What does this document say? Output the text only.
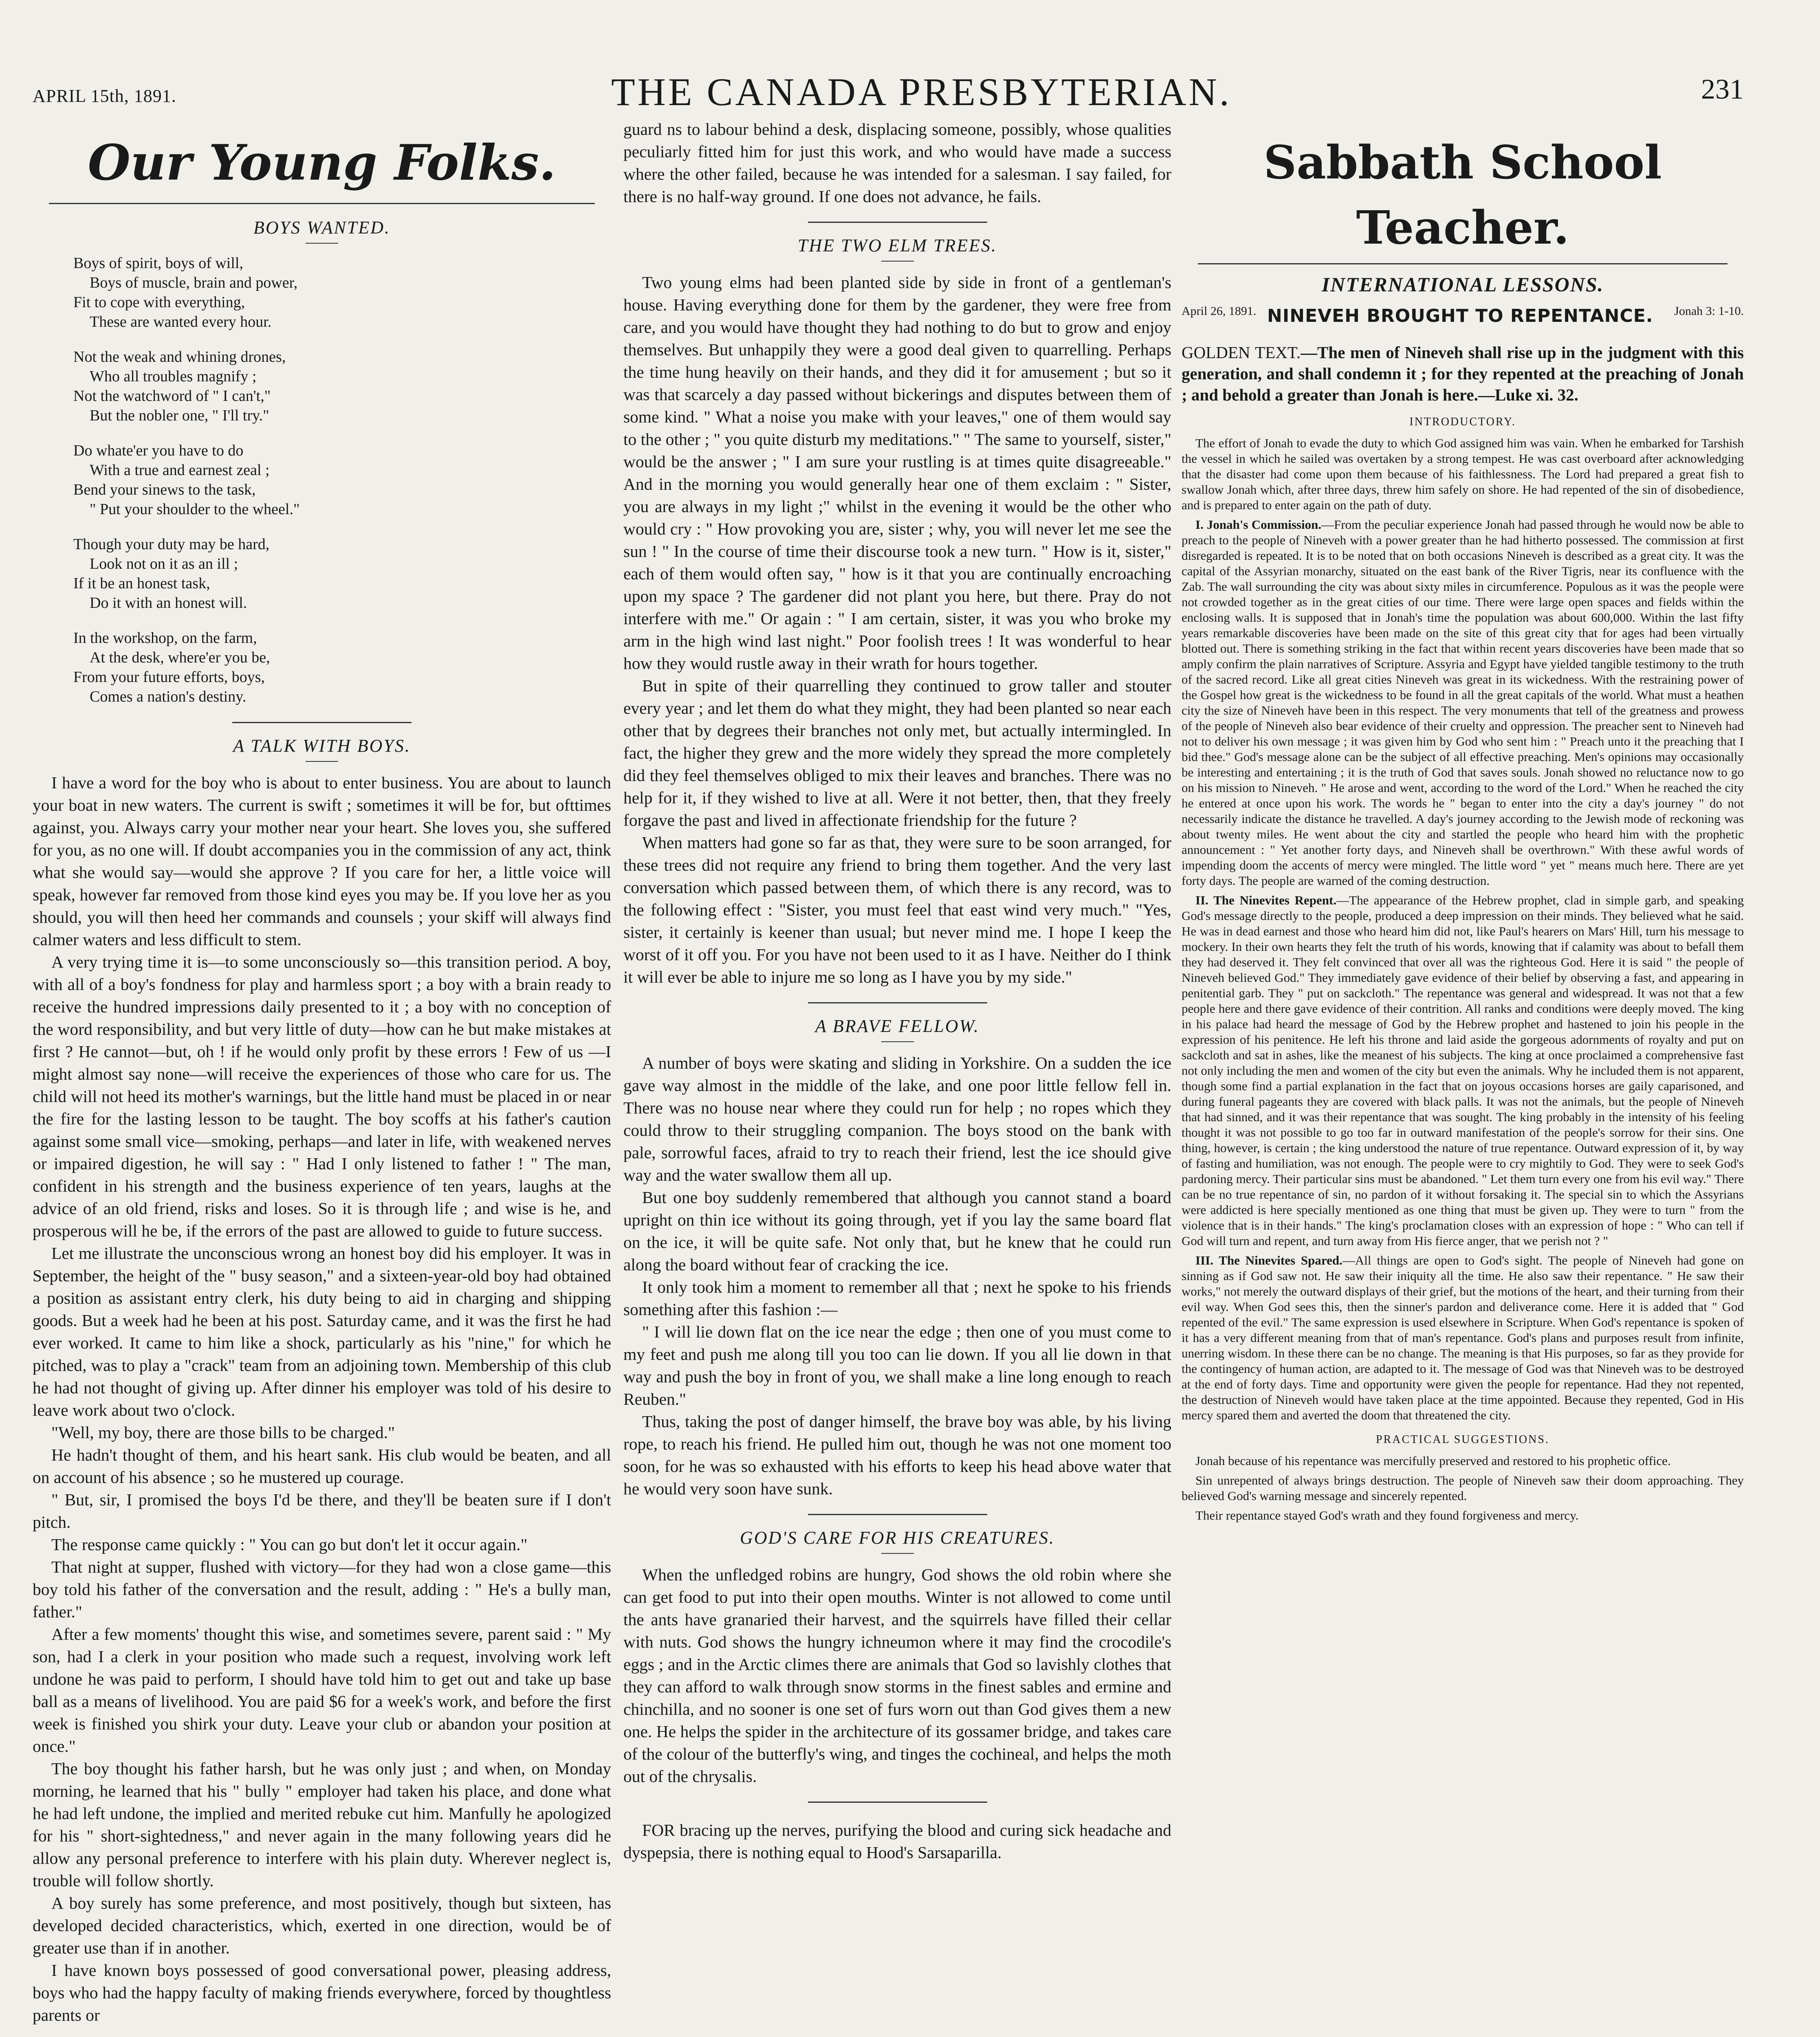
APRIL 15th, 1891.	THE CANADA PRESBYTERIAN.	231
Our Young Folks.
BOYS WANTED.
Boys of spirit, boys of will,
Boys of muscle, brain and power,
Fit to cope with everything,
These are wanted every hour.
Not the weak and whining drones,
Who all troubles magnify ;
Not the watchword of " I can't,"
But the nobler one, " I'll try."
Do whate'er you have to do
With a true and earnest zeal ;
Bend your sinews to the task,
" Put your shoulder to the wheel."
Though your duty may be hard,
Look not on it as an ill ;
If it be an honest task,
Do it with an honest will.
In the workshop, on the farm,
At the desk, where'er you be,
From your future efforts, boys,
Comes a nation's destiny.
A TALK WITH BOYS.

I have a word for the boy who is about to enter business. You are about to launch your boat in new waters. The current is swift ; sometimes it will be for, but ofttimes against, you. Always carry your mother near your heart. She loves you, she suffered for you, as no one will. If doubt accompanies you in the commission of any act, think what she would say—would she approve ? If you care for her, a little voice will speak, however far removed from those kind eyes you may be. If you love her as you should, you will then heed her commands and counsels ; your skiff will always find calmer waters and less difficult to stem.

A very trying time it is—to some unconsciously so—this transition period. A boy, with all of a boy's fondness for play and harmless sport ; a boy with a brain ready to receive the hundred impressions daily presented to it ; a boy with no conception of the word responsibility, and but very little of duty—how can he but make mistakes at first ? He cannot—but, oh ! if he would only profit by these errors ! Few of us —I might almost say none—will receive the experiences of those who care for us. The child will not heed its mother's warnings, but the little hand must be placed in or near the fire for the lasting lesson to be taught. The boy scoffs at his father's caution against some small vice—smoking, perhaps—and later in life, with weakened nerves or impaired digestion, he will say : " Had I only listened to father ! " The man, confident in his strength and the business experience of ten years, laughs at the advice of an old friend, risks and loses. So it is through life ; and wise is he, and prosperous will he be, if the errors of the past are allowed to guide to future success.

Let me illustrate the unconscious wrong an honest boy did his employer. It was in September, the height of the " busy season," and a sixteen-year-old boy had obtained a position as assistant entry clerk, his duty being to aid in charging and shipping goods. But a week had he been at his post. Saturday came, and it was the first he had ever worked. It came to him like a shock, particularly as his "nine," for which he pitched, was to play a "crack" team from an adjoining town. Membership of this club he had not thought of giving up. After dinner his employer was told of his desire to leave work about two o'clock.

"Well, my boy, there are those bills to be charged."

He hadn't thought of them, and his heart sank. His club would be beaten, and all on account of his absence ; so he mustered up courage.

" But, sir, I promised the boys I'd be there, and they'll be beaten sure if I don't pitch.

The response came quickly : " You can go but don't let it occur again."

That night at supper, flushed with victory—for they had won a close game—this boy told his father of the conversation and the result, adding : " He's a bully man, father."

After a few moments' thought this wise, and sometimes severe, parent said : " My son, had I a clerk in your position who made such a request, involving work left undone he was paid to perform, I should have told him to get out and take up base ball as a means of livelihood. You are paid $6 for a week's work, and before the first week is finished you shirk your duty. Leave your club or abandon your position at once."

The boy thought his father harsh, but he was only just ; and when, on Monday morning, he learned that his " bully " employer had taken his place, and done what he had left undone, the implied and merited rebuke cut him. Manfully he apologized for his " short-sightedness," and never again in the many following years did he allow any personal preference to interfere with his plain duty. Wherever neglect is, trouble will follow shortly.

A boy surely has some preference, and most positively, though but sixteen, has developed decided characteristics, which, exerted in one direction, would be of greater use than if in another.

I have known boys possessed of good conversational power, pleasing address, boys who had the happy faculty of making friends everywhere, forced by thoughtless parents or

guard ns to labour behind a desk, displacing someone, possibly, whose qualities peculiarly fitted him for just this work, and who would have made a success where the other failed, because he was intended for a salesman. I say failed, for there is no half-way ground. If one does not advance, he fails.

THE TWO ELM TREES.

Two young elms had been planted side by side in front of a gentleman's house. Having everything done for them by the gardener, they were free from care, and you would have thought they had nothing to do but to grow and enjoy themselves. But unhappily they were a good deal given to quarrelling. Perhaps the time hung heavily on their hands, and they did it for amusement ; but so it was that scarcely a day passed without bickerings and disputes between them of some kind. " What a noise you make with your leaves," one of them would say to the other ; " you quite disturb my meditations." " The same to yourself, sister," would be the answer ; " I am sure your rustling is at times quite disagreeable." And in the morning you would generally hear one of them exclaim : " Sister, you are always in my light ;" whilst in the evening it would be the other who would cry : " How provoking you are, sister ; why, you will never let me see the sun ! " In the course of time their discourse took a new turn. " How is it, sister," each of them would often say, " how is it that you are continually encroaching upon my space ? The gardener did not plant you here, but there. Pray do not interfere with me." Or again : " I am certain, sister, it was you who broke my arm in the high wind last night." Poor foolish trees ! It was wonderful to hear how they would rustle away in their wrath for hours together.

But in spite of their quarrelling they continued to grow taller and stouter every year ; and let them do what they might, they had been planted so near each other that by degrees their branches not only met, but actually intermingled. In fact, the higher they grew and the more widely they spread the more completely did they feel themselves obliged to mix their leaves and branches. There was no help for it, if they wished to live at all. Were it not better, then, that they freely forgave the past and lived in affectionate friendship for the future ?

When matters had gone so far as that, they were sure to be soon arranged, for these trees did not require any friend to bring them together. And the very last conversation which passed between them, of which there is any record, was to the following effect : "Sister, you must feel that east wind very much." "Yes, sister, it certainly is keener than usual; but never mind me. I hope I keep the worst of it off you. For you have not been used to it as I have. Neither do I think it will ever be able to injure me so long as I have you by my side."

A BRAVE FELLOW.

A number of boys were skating and sliding in Yorkshire. On a sudden the ice gave way almost in the middle of the lake, and one poor little fellow fell in. There was no house near where they could run for help ; no ropes which they could throw to their struggling companion. The boys stood on the bank with pale, sorrowful faces, afraid to try to reach their friend, lest the ice should give way and the water swallow them all up.

But one boy suddenly remembered that although you cannot stand a board upright on thin ice without its going through, yet if you lay the same board flat on the ice, it will be quite safe. Not only that, but he knew that he could run along the board without fear of cracking the ice.

It only took him a moment to remember all that ; next he spoke to his friends something after this fashion :—

" I will lie down flat on the ice near the edge ; then one of you must come to my feet and push me along till you too can lie down. If you all lie down in that way and push the boy in front of you, we shall make a line long enough to reach Reuben."

Thus, taking the post of danger himself, the brave boy was able, by his living rope, to reach his friend. He pulled him out, though he was not one moment too soon, for he was so exhausted with his efforts to keep his head above water that he would very soon have sunk.

GOD'S CARE FOR HIS CREATURES.

When the unfledged robins are hungry, God shows the old robin where she can get food to put into their open mouths. Winter is not allowed to come until the ants have granaried their harvest, and the squirrels have filled their cellar with nuts. God shows the hungry ichneumon where it may find the crocodile's eggs ; and in the Arctic climes there are animals that God so lavishly clothes that they can afford to walk through snow storms in the finest sables and ermine and chinchilla, and no sooner is one set of furs worn out than God gives them a new one. He helps the spider in the architecture of its gossamer bridge, and takes care of the colour of the butterfly's wing, and tinges the cochineal, and helps the moth out of the chrysalis.

FOR bracing up the nerves, purifying the blood and curing sick headache and dyspepsia, there is nothing equal to Hood's Sarsaparilla.

Sabbath School Teacher.
INTERNATIONAL LESSONS.
April 26, 1891. NINEVEH BROUGHT TO REPENTANCE. Jonah 3: 1-10.

GOLDEN TEXT.—The men of Nineveh shall rise up in the judgment with this generation, and shall condemn it ; for they repented at the preaching of Jonah ; and behold a greater than Jonah is here.—Luke xi. 32.

INTRODUCTORY.

The effort of Jonah to evade the duty to which God assigned him was vain. When he embarked for Tarshish the vessel in which he sailed was overtaken by a strong tempest. He was cast overboard after acknowledging that the disaster had come upon them because of his faithlessness. The Lord had prepared a great fish to swallow Jonah which, after three days, threw him safely on shore. He had repented of the sin of disobedience, and is prepared to enter again on the path of duty.

I. Jonah's Commission.—From the peculiar experience Jonah had passed through he would now be able to preach to the people of Nineveh with a power greater than he had hitherto possessed. The commission at first disregarded is repeated. It is to be noted that on both occasions Nineveh is described as a great city. It was the capital of the Assyrian monarchy, situated on the east bank of the River Tigris, near its confluence with the Zab. The wall surrounding the city was about sixty miles in circumference. Populous as it was the people were not crowded together as in the great cities of our time. There were large open spaces and fields within the enclosing walls. It is supposed that in Jonah's time the population was about 600,000. Within the last fifty years remarkable discoveries have been made on the site of this great city that for ages had been virtually blotted out. There is something striking in the fact that within recent years discoveries have been made that so amply confirm the plain narratives of Scripture. Assyria and Egypt have yielded tangible testimony to the truth of the sacred record. Like all great cities Nineveh was great in its wickedness. With the restraining power of the Gospel how great is the wickedness to be found in all the great capitals of the world. What must a heathen city the size of Nineveh have been in this respect. The very monuments that tell of the greatness and prowess of the people of Nineveh also bear evidence of their cruelty and oppression. The preacher sent to Nineveh had not to deliver his own message ; it was given him by God who sent him : " Preach unto it the preaching that I bid thee." God's message alone can be the subject of all effective preaching. Men's opinions may occasionally be interesting and entertaining ; it is the truth of God that saves souls. Jonah showed no reluctance now to go on his mission to Nineveh. " He arose and went, according to the word of the Lord." When he reached the city he entered at once upon his work. The words he " began to enter into the city a day's journey " do not necessarily indicate the distance he travelled. A day's journey according to the Jewish mode of reckoning was about twenty miles. He went about the city and startled the people who heard him with the prophetic announcement : " Yet another forty days, and Nineveh shall be overthrown." With these awful words of impending doom the accents of mercy were mingled. The little word " yet " means much here. There are yet forty days. The people are warned of the coming destruction.

II. The Ninevites Repent.—The appearance of the Hebrew prophet, clad in simple garb, and speaking God's message directly to the people, produced a deep impression on their minds. They believed what he said. He was in dead earnest and those who heard him did not, like Paul's hearers on Mars' Hill, turn his message to mockery. In their own hearts they felt the truth of his words, knowing that if calamity was about to befall them they had deserved it. They felt convinced that over all was the righteous God. Here it is said " the people of Nineveh believed God." They immediately gave evidence of their belief by observing a fast, and appearing in penitential garb. They " put on sackcloth." The repentance was general and widespread. It was not that a few people here and there gave evidence of their contrition. All ranks and conditions were deeply moved. The king in his palace had heard the message of God by the Hebrew prophet and hastened to join his people in the expression of his penitence. He left his throne and laid aside the gorgeous adornments of royalty and put on sackcloth and sat in ashes, like the meanest of his subjects. The king at once proclaimed a comprehensive fast not only including the men and women of the city but even the animals. Why he included them is not apparent, though some find a partial explanation in the fact that on joyous occasions horses are gaily caparisoned, and during funeral pageants they are covered with black palls. It was not the animals, but the people of Nineveh that had sinned, and it was their repentance that was sought. The king probably in the intensity of his feeling thought it was not possible to go too far in outward manifestation of the people's sorrow for their sins. One thing, however, is certain ; the king understood the nature of true repentance. Outward expression of it, by way of fasting and humiliation, was not enough. The people were to cry mightily to God. They were to seek God's pardoning mercy. Their particular sins must be abandoned. " Let them turn every one from his evil way." There can be no true repentance of sin, no pardon of it without forsaking it. The special sin to which the Assyrians were addicted is here specially mentioned as one thing that must be given up. They were to turn " from the violence that is in their hands." The king's proclamation closes with an expression of hope : " Who can tell if God will turn and repent, and turn away from His fierce anger, that we perish not ? "

III. The Ninevites Spared.—All things are open to God's sight. The people of Nineveh had gone on sinning as if God saw not. He saw their iniquity all the time. He also saw their repentance. " He saw their works," not merely the outward displays of their grief, but the motions of the heart, and their turning from their evil way. When God sees this, then the sinner's pardon and deliverance come. Here it is added that " God repented of the evil." The same expression is used elsewhere in Scripture. When God's repentance is spoken of it has a very different meaning from that of man's repentance. God's plans and purposes result from infinite, unerring wisdom. In these there can be no change. The meaning is that His purposes, so far as they provide for the contingency of human action, are adapted to it. The message of God was that Nineveh was to be destroyed at the end of forty days. Time and opportunity were given the people for repentance. Had they not repented, the destruction of Nineveh would have taken place at the time appointed. Because they repented, God in His mercy spared them and averted the doom that threatened the city.

PRACTICAL SUGGESTIONS.

Jonah because of his repentance was mercifully preserved and restored to his prophetic office.

Sin unrepented of always brings destruction. The people of Nineveh saw their doom approaching. They believed God's warning message and sincerely repented.

Their repentance stayed God's wrath and they found forgiveness and mercy.
